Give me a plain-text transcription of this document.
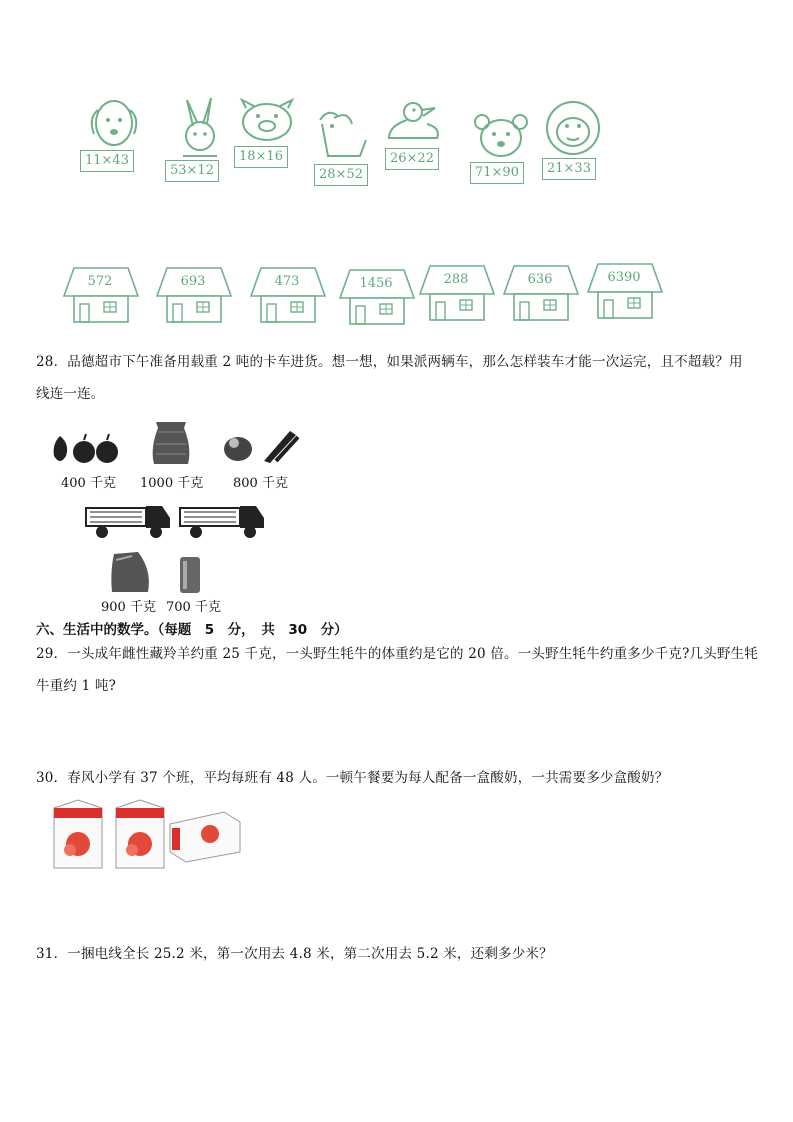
11×43
53×12
18×16
28×52
26×22
71×90	21×33
572	693	473	1456	288	636	6390
28．品德超市下午准备用载重 2 吨的卡车进货。想一想，如果派两辆车，那么怎样装车才能一次运完，且不超载？用
线连一连。
400 千克 1000 千克 800 千克
900 千克 700 千克
六、生活中的数学。（每题　5　分，　共　30　分）
29．一头成年雌性藏羚羊约重 25 千克，一头野生牦牛的体重约是它的 20 倍。一头野生牦牛约重多少千克?几头野生牦
牛重约 1 吨?
30．春风小学有 37 个班，平均每班有 48 人。一顿午餐要为每人配备一盒酸奶，一共需要多少盒酸奶？
31．一捆电线全长 25.2 米，第一次用去 4.8 米，第二次用去 5.2 米，还剩多少米？
